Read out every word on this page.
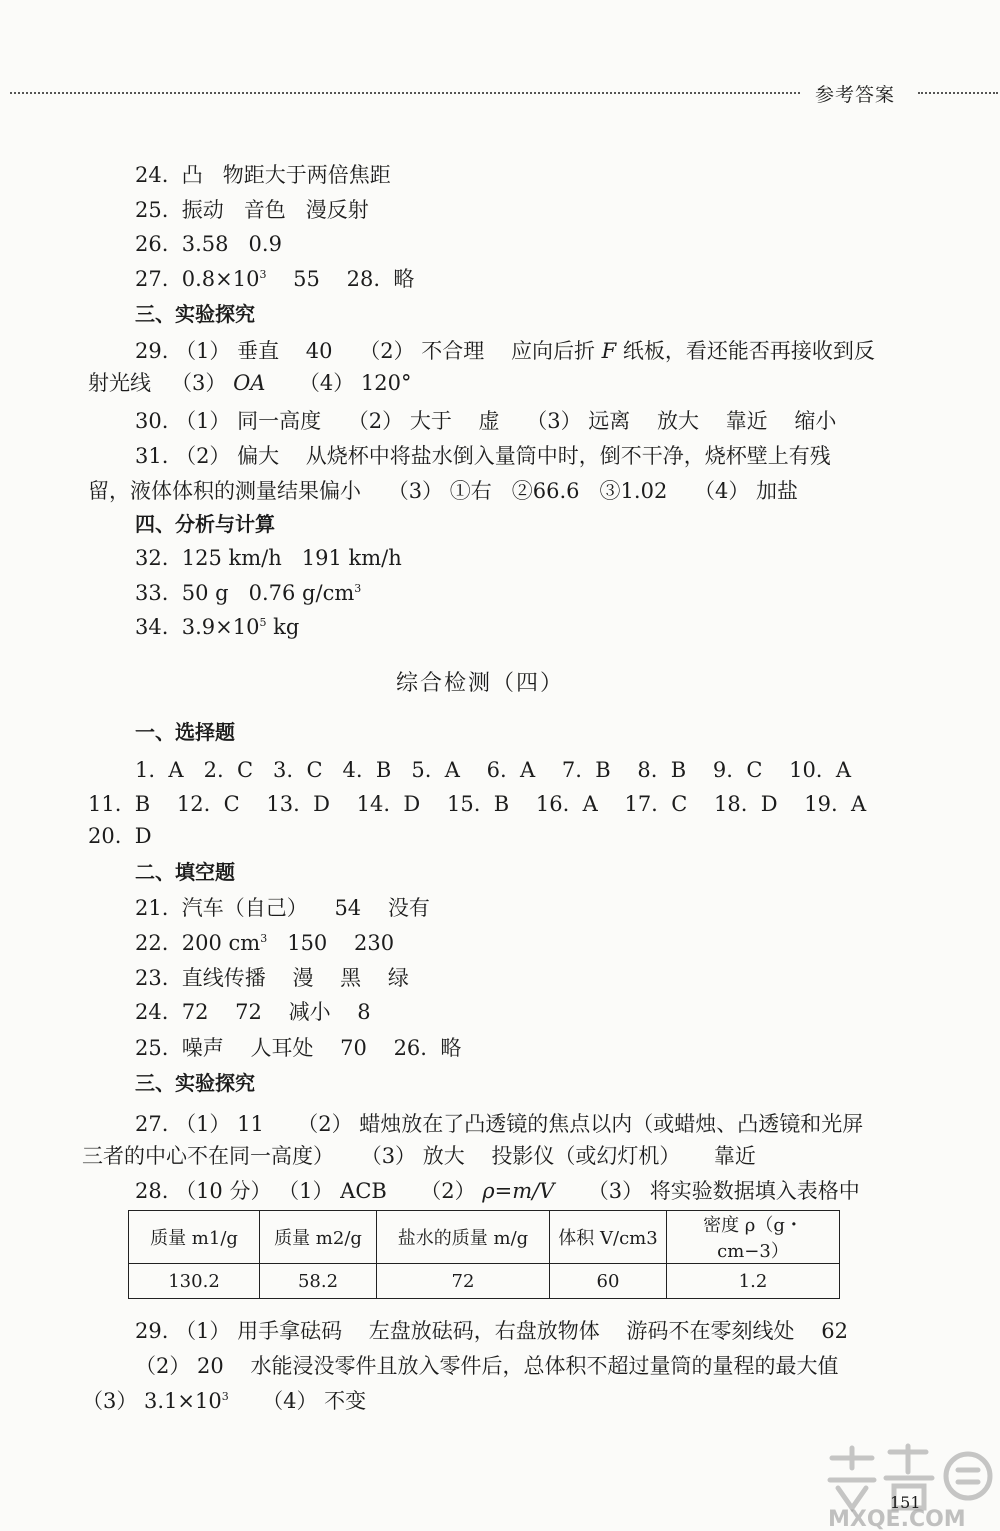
参考答案
24.  凸   物距大于两倍焦距
25.  振动   音色   漫反射
26.  3.58   0.9
27.  $0.8\times 10^3$    55    28.  略
三、实验探究
29. （1） 垂直    40    （2） 不合理    应向后折 F 纸板，看还能否再接收到反
射光线   （3） OA     （4） 120°
30. （1） 同一高度    （2） 大于    虚    （3） 远离    放大    靠近    缩小
31. （2） 偏大    从烧杯中将盐水倒入量筒中时，倒不干净，烧杯壁上有残
留，液体体积的测量结果偏小    （3） ①右   ②66.6   ③1.02    （4） 加盐
四、分析与计算
32.  125 km/h   191 km/h
33.  50 g   0.76 $g/cm^3$
34.  $3.9\times 10^5$ kg
综合检测（四）
一、选择题
1.  A   2.  C   3.  C   4.  B   5.  A    6.  A    7.  B    8.  B    9.  C    10.  A
11.  B    12.  C    13.  D    14.  D    15.  B    16.  A    17.  C    18.  D    19.  A
20.  D
二、填空题
21.  汽车（自己）    54    没有
22.  200 $cm^3$   150    230
23.  直线传播    漫    黑    绿
24.  72    72    减小    8
25.  噪声    人耳处    70    26.  略
三、实验探究
27. （1） 11     （2） 蜡烛放在了凸透镜的焦点以内（或蜡烛、凸透镜和光屏
三者的中心不在同一高度）    （3） 放大    投影仪（或幻灯机）     靠近
28. （10 分） （1） ACB     （2） ρ=m/V     （3） 将实验数据填入表格中
质量 m1/g	质量 m2/g	盐水的质量 m/g	体积 V/cm3	密度 ρ（g・cm−3）
130.2	58.2	72	60	1.2
29. （1） 用手拿砝码    左盘放砝码，右盘放物体    游码不在零刻线处    62
（2） 20    水能浸没零件且放入零件后，总体积不超过量筒的量程的最大值
（3） $3.1\times 10^3$     （4） 不变
MXQE.COM
151
